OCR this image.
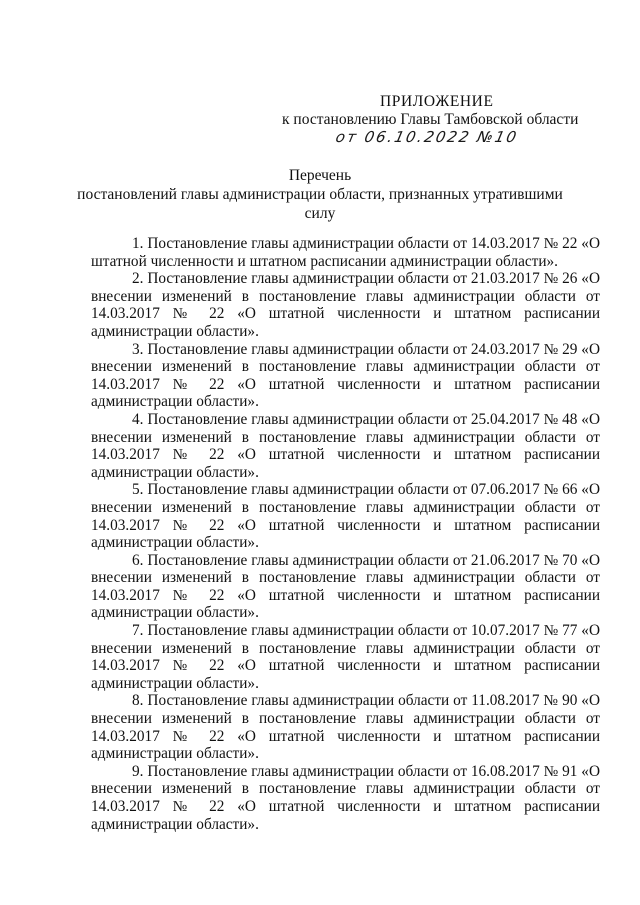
ПРИЛОЖЕНИЕ
к постановлению Главы Тамбовской области
от 06.10.2022 №10
Перечень
постановлений главы администрации области, признанных утратившими
силу

1. Постановление главы администрации области от 14.03.2017 № 22 «О штатной численности и штатном расписании администрации области».

2. Постановление главы администрации области от 21.03.2017 № 26 «О внесении изменений в постановление главы администрации области от 14.03.2017 № 22 «О штатной численности и штатном расписании администрации области».

3. Постановление главы администрации области от 24.03.2017 № 29 «О внесении изменений в постановление главы администрации области от 14.03.2017 № 22 «О штатной численности и штатном расписании администрации области».

4. Постановление главы администрации области от 25.04.2017 № 48 «О внесении изменений в постановление главы администрации области от 14.03.2017 № 22 «О штатной численности и штатном расписании администрации области».

5. Постановление главы администрации области от 07.06.2017 № 66 «О внесении изменений в постановление главы администрации области от 14.03.2017 № 22 «О штатной численности и штатном расписании администрации области».

6. Постановление главы администрации области от 21.06.2017 № 70 «О внесении изменений в постановление главы администрации области от 14.03.2017 № 22 «О штатной численности и штатном расписании администрации области».

7. Постановление главы администрации области от 10.07.2017 № 77 «О внесении изменений в постановление главы администрации области от 14.03.2017 № 22 «О штатной численности и штатном расписании администрации области».

8. Постановление главы администрации области от 11.08.2017 № 90 «О внесении изменений в постановление главы администрации области от 14.03.2017 № 22 «О штатной численности и штатном расписании администрации области».

9. Постановление главы администрации области от 16.08.2017 № 91 «О внесении изменений в постановление главы администрации области от 14.03.2017 № 22 «О штатной численности и штатном расписании администрации области».
